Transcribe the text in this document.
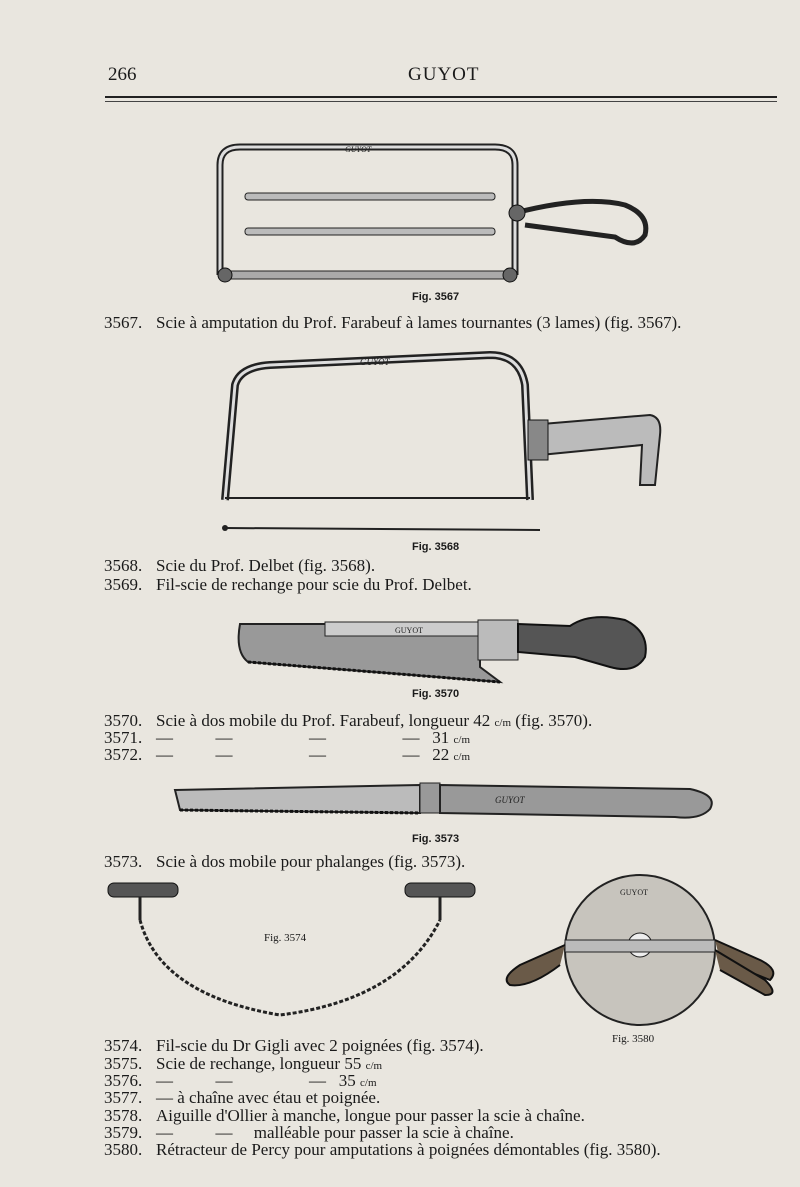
266	GUYOT
GUYOT
Fig. 3567
GUYOT
Fig. 3568
GUYOT
Fig. 3570
GUYOT
Fig. 3573
Fig. 3574
GUYOT
Fig. 3580
3567. Scie à amputation du Prof. Farabeuf à lames tournantes (3 lames) (fig. 3567).
3568. Scie du Prof. Delbet (fig. 3568).
3569. Fil-scie de rechange pour scie du Prof. Delbet.
3570. Scie à dos mobile du Prof. Farabeuf, longueur 42 c/m (fig. 3570).
3571. —          —                  —                  —   31 c/m
3572. —          —                  —                  —   22 c/m
3573. Scie à dos mobile pour phalanges (fig. 3573).
3574. Fil-scie du Dr Gigli avec 2 poignées (fig. 3574).
3575. Scie de rechange, longueur 55 c/m
3576. —          —                  —   35 c/m
3577. — à chaîne avec étau et poignée.
3578. Aiguille d'Ollier à manche, longue pour passer la scie à chaîne.
3579. —          —     malléable pour passer la scie à chaîne.
3580. Rétracteur de Percy pour amputations à poignées démontables (fig. 3580).
